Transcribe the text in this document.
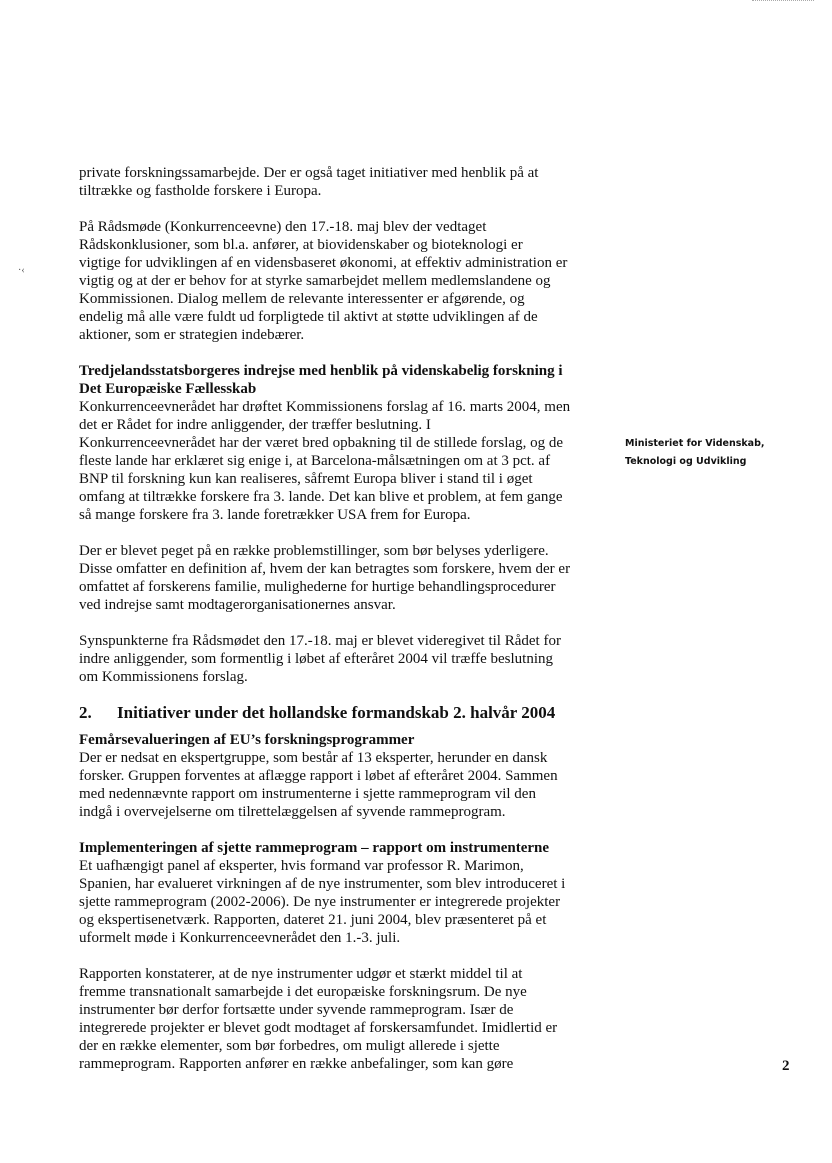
·‹
private forskningssamarbejde. Der er også taget initiativer med henblik på at
tiltrække og fastholde forskere i Europa.
På Rådsmøde (Konkurrenceevne) den 17.-18. maj blev der vedtaget
Rådskonklusioner, som bl.a. anfører, at biovidenskaber og bioteknologi er
vigtige for udviklingen af en vidensbaseret økonomi, at effektiv administration er
vigtig og at der er behov for at styrke samarbejdet mellem medlemslandene og
Kommissionen. Dialog mellem de relevante interessenter er afgørende, og
endelig må alle være fuldt ud forpligtede til aktivt at støtte udviklingen af de
aktioner, som er strategien indebærer.
Tredjelandsstatsborgeres indrejse med henblik på videnskabelig forskning i
Det Europæiske Fællesskab
Konkurrenceevnerådet har drøftet Kommissionens forslag af 16. marts 2004, men
det er Rådet for indre anliggender, der træffer beslutning. I
Konkurrenceevnerådet har der været bred opbakning til de stillede forslag, og de
fleste lande har erklæret sig enige i, at Barcelona-målsætningen om at 3 pct. af
BNP til forskning kun kan realiseres, såfremt Europa bliver i stand til i øget
omfang at tiltrække forskere fra 3. lande. Det kan blive et problem, at fem gange
så mange forskere fra 3. lande foretrækker USA frem for Europa.
Der er blevet peget på en række problemstillinger, som bør belyses yderligere.
Disse omfatter en definition af, hvem der kan betragtes som forskere, hvem der er
omfattet af forskerens familie, mulighederne for hurtige behandlingsprocedurer
ved indrejse samt modtagerorganisationernes ansvar.
Synspunkterne fra Rådsmødet den 17.-18. maj er blevet videregivet til Rådet for
indre anliggender, som formentlig i løbet af efteråret 2004 vil træffe beslutning
om Kommissionens forslag.
2. Initiativer under det hollandske formandskab 2. halvår 2004
Femårsevalueringen af EU’s forskningsprogrammer
Der er nedsat en ekspertgruppe, som består af 13 eksperter, herunder en dansk
forsker. Gruppen forventes at aflægge rapport i løbet af efteråret 2004. Sammen
med nedennævnte rapport om instrumenterne i sjette rammeprogram vil den
indgå i overvejelserne om tilrettelæggelsen af syvende rammeprogram.
Implementeringen af sjette rammeprogram – rapport om instrumenterne
Et uafhængigt panel af eksperter, hvis formand var professor R. Marimon,
Spanien, har evalueret virkningen af de nye instrumenter, som blev introduceret i
sjette rammeprogram (2002-2006). De nye instrumenter er integrerede projekter
og ekspertisenetværk. Rapporten, dateret 21. juni 2004, blev præsenteret på et
uformelt møde i Konkurrenceevnerådet den 1.-3. juli.
Rapporten konstaterer, at de nye instrumenter udgør et stærkt middel til at
fremme transnationalt samarbejde i det europæiske forskningsrum. De nye
instrumenter bør derfor fortsætte under syvende rammeprogram. Især de
integrerede projekter er blevet godt modtaget af forskersamfundet. Imidlertid er
der en række elementer, som bør forbedres, om muligt allerede i sjette
rammeprogram. Rapporten anfører en række anbefalinger, som kan gøre
Ministeriet for Videnskab,
Teknologi og Udvikling
2
